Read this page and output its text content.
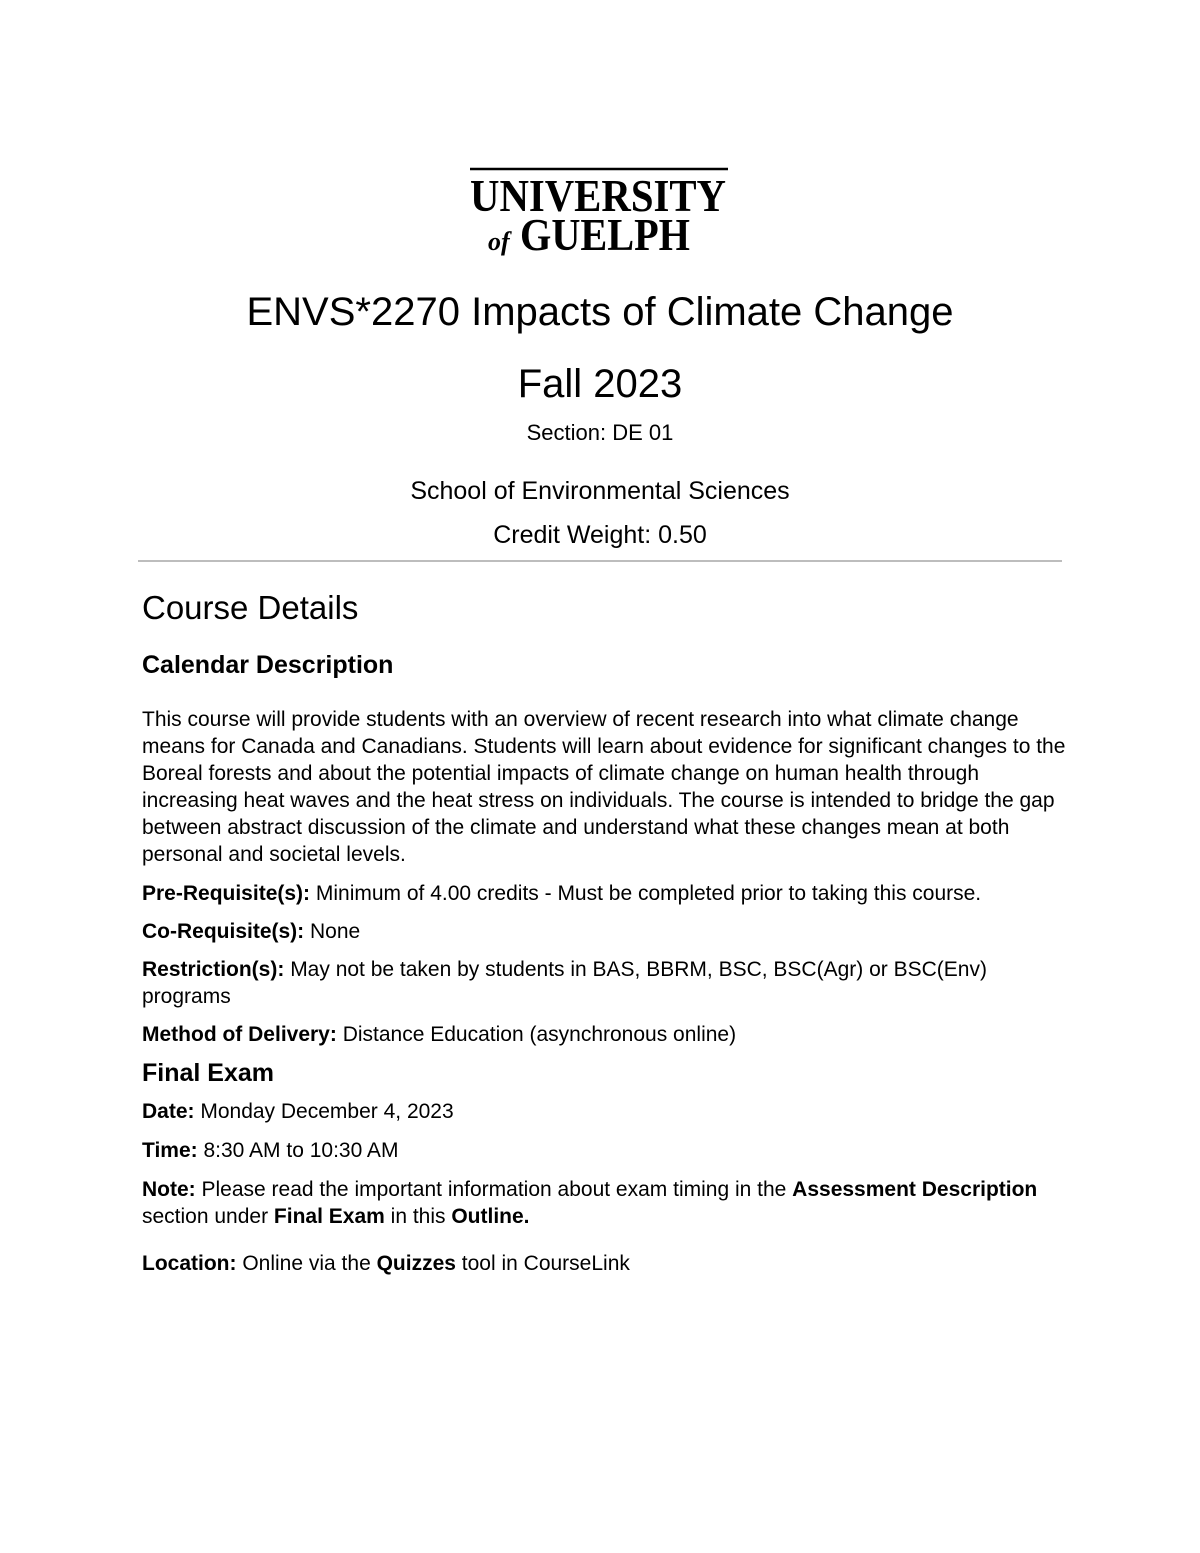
UNIVERSITY
of GUELPH
ENVS*2270 Impacts of Climate Change
Fall 2023
Section: DE 01
School of Environmental Sciences
Credit Weight: 0.50
Course Details
Calendar Description

This course will provide students with an overview of recent research into what climate change means for Canada and Canadians. Students will learn about evidence for significant changes to the Boreal forests and about the potential impacts of climate change on human health through increasing heat waves and the heat stress on individuals. The course is intended to bridge the gap between abstract discussion of the climate and understand what these changes mean at both personal and societal levels.

Pre-Requisite(s): Minimum of 4.00 credits - Must be completed prior to taking this course.

Co-Requisite(s): None

Restriction(s): May not be taken by students in BAS, BBRM, BSC, BSC(Agr) or BSC(Env) programs

Method of Delivery: Distance Education (asynchronous online)

Final Exam

Date: Monday December 4, 2023

Time: 8:30 AM to 10:30 AM

Note: Please read the important information about exam timing in the Assessment Description section under Final Exam in this Outline.

Location: Online via the Quizzes tool in CourseLink
